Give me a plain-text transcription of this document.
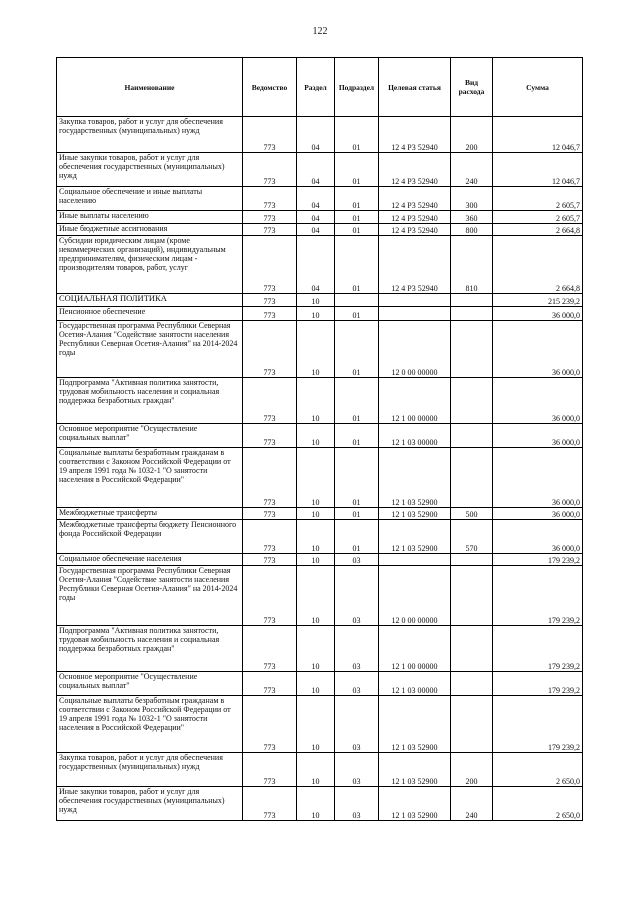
122
Наименование	Ведомство	Раздел	Подраздел	Целевая статья	Вид расхода	Сумма
Закупка товаров, работ и услуг для обеспечения государственных (муниципальных) нужд	773	04	01	12 4 Р3 52940	200	12 046,7
Иные закупки товаров, работ и услуг для обеспечения государственных (муниципальных) нужд	773	04	01	12 4 Р3 52940	240	12 046,7
Социальное обеспечение и иные выплаты населению	773	04	01	12 4 Р3 52940	300	2 605,7
Иные выплаты населению	773	04	01	12 4 Р3 52940	360	2 605,7
Иные бюджетные ассигнования	773	04	01	12 4 Р3 52940	800	2 664,8
Субсидии юридическим лицам (кроме некоммерческих организаций), индивидуальным предпринимателям, физическим лицам - производителям товаров, работ, услуг	773	04	01	12 4 Р3 52940	810	2 664,8
СОЦИАЛЬНАЯ ПОЛИТИКА	773	10				215 239,2
Пенсионное обеспечение	773	10	01			36 000,0
Государственная программа Республики Северная Осетия-Алания "Содействие занятости населения Республики Северная Осетия-Алания" на 2014-2024 годы	773	10	01	12 0 00 00000		36 000,0
Подпрограмма "Активная политика занятости, трудовая мобильность населения и социальная поддержка безработных граждан"	773	10	01	12 1 00 00000		36 000,0
Основное мероприятие "Осуществление социальных выплат"	773	10	01	12 1 03 00000		36 000,0
Социальные выплаты безработным гражданам в соответствии с Законом Российской Федерации от 19 апреля 1991 года № 1032-1 "О занятости населения в Российской Федерации"	773	10	01	12 1 03 52900		36 000,0
Межбюджетные трансферты	773	10	01	12 1 03 52900	500	36 000,0
Межбюджетные трансферты бюджету Пенсионного фонда Российской Федерации	773	10	01	12 1 03 52900	570	36 000,0
Социальное обеспечение населения	773	10	03			179 239,2
Государственная программа Республики Северная Осетия-Алания "Содействие занятости населения Республики Северная Осетия-Алания" на 2014-2024 годы	773	10	03	12 0 00 00000		179 239,2
Подпрограмма "Активная политика занятости, трудовая мобильность населения и социальная поддержка безработных граждан"	773	10	03	12 1 00 00000		179 239,2
Основное мероприятие "Осуществление социальных выплат"	773	10	03	12 1 03 00000		179 239,2
Социальные выплаты безработным гражданам в соответствии с Законом Российской Федерации от 19 апреля 1991 года № 1032-1 "О занятости населения в Российской Федерации"	773	10	03	12 1 03 52900		179 239,2
Закупка товаров, работ и услуг для обеспечения государственных (муниципальных) нужд	773	10	03	12 1 03 52900	200	2 650,0
Иные закупки товаров, работ и услуг для обеспечения государственных (муниципальных) нужд	773	10	03	12 1 03 52900	240	2 650,0
